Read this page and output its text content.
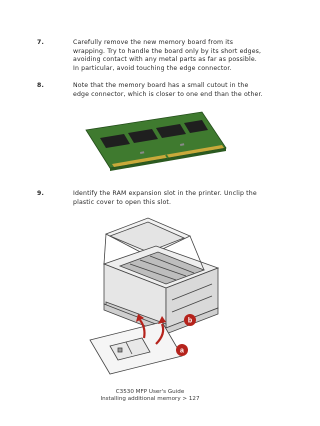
7.	Carefully remove the new memory board from its
wrapping. Try to handle the board only by its short edges,
avoiding contact with any metal parts as far as possible.
In particular, avoid touching the edge connector.
8.	Note that the memory board has a small cutout in the
edge connector, which is closer to one end than the other.
9.	Identify the RAM expansion slot in the printer. Unclip the
plastic cover to open this slot.
b
a
C3530 MFP User's Guide
Installing additional memory > 127
